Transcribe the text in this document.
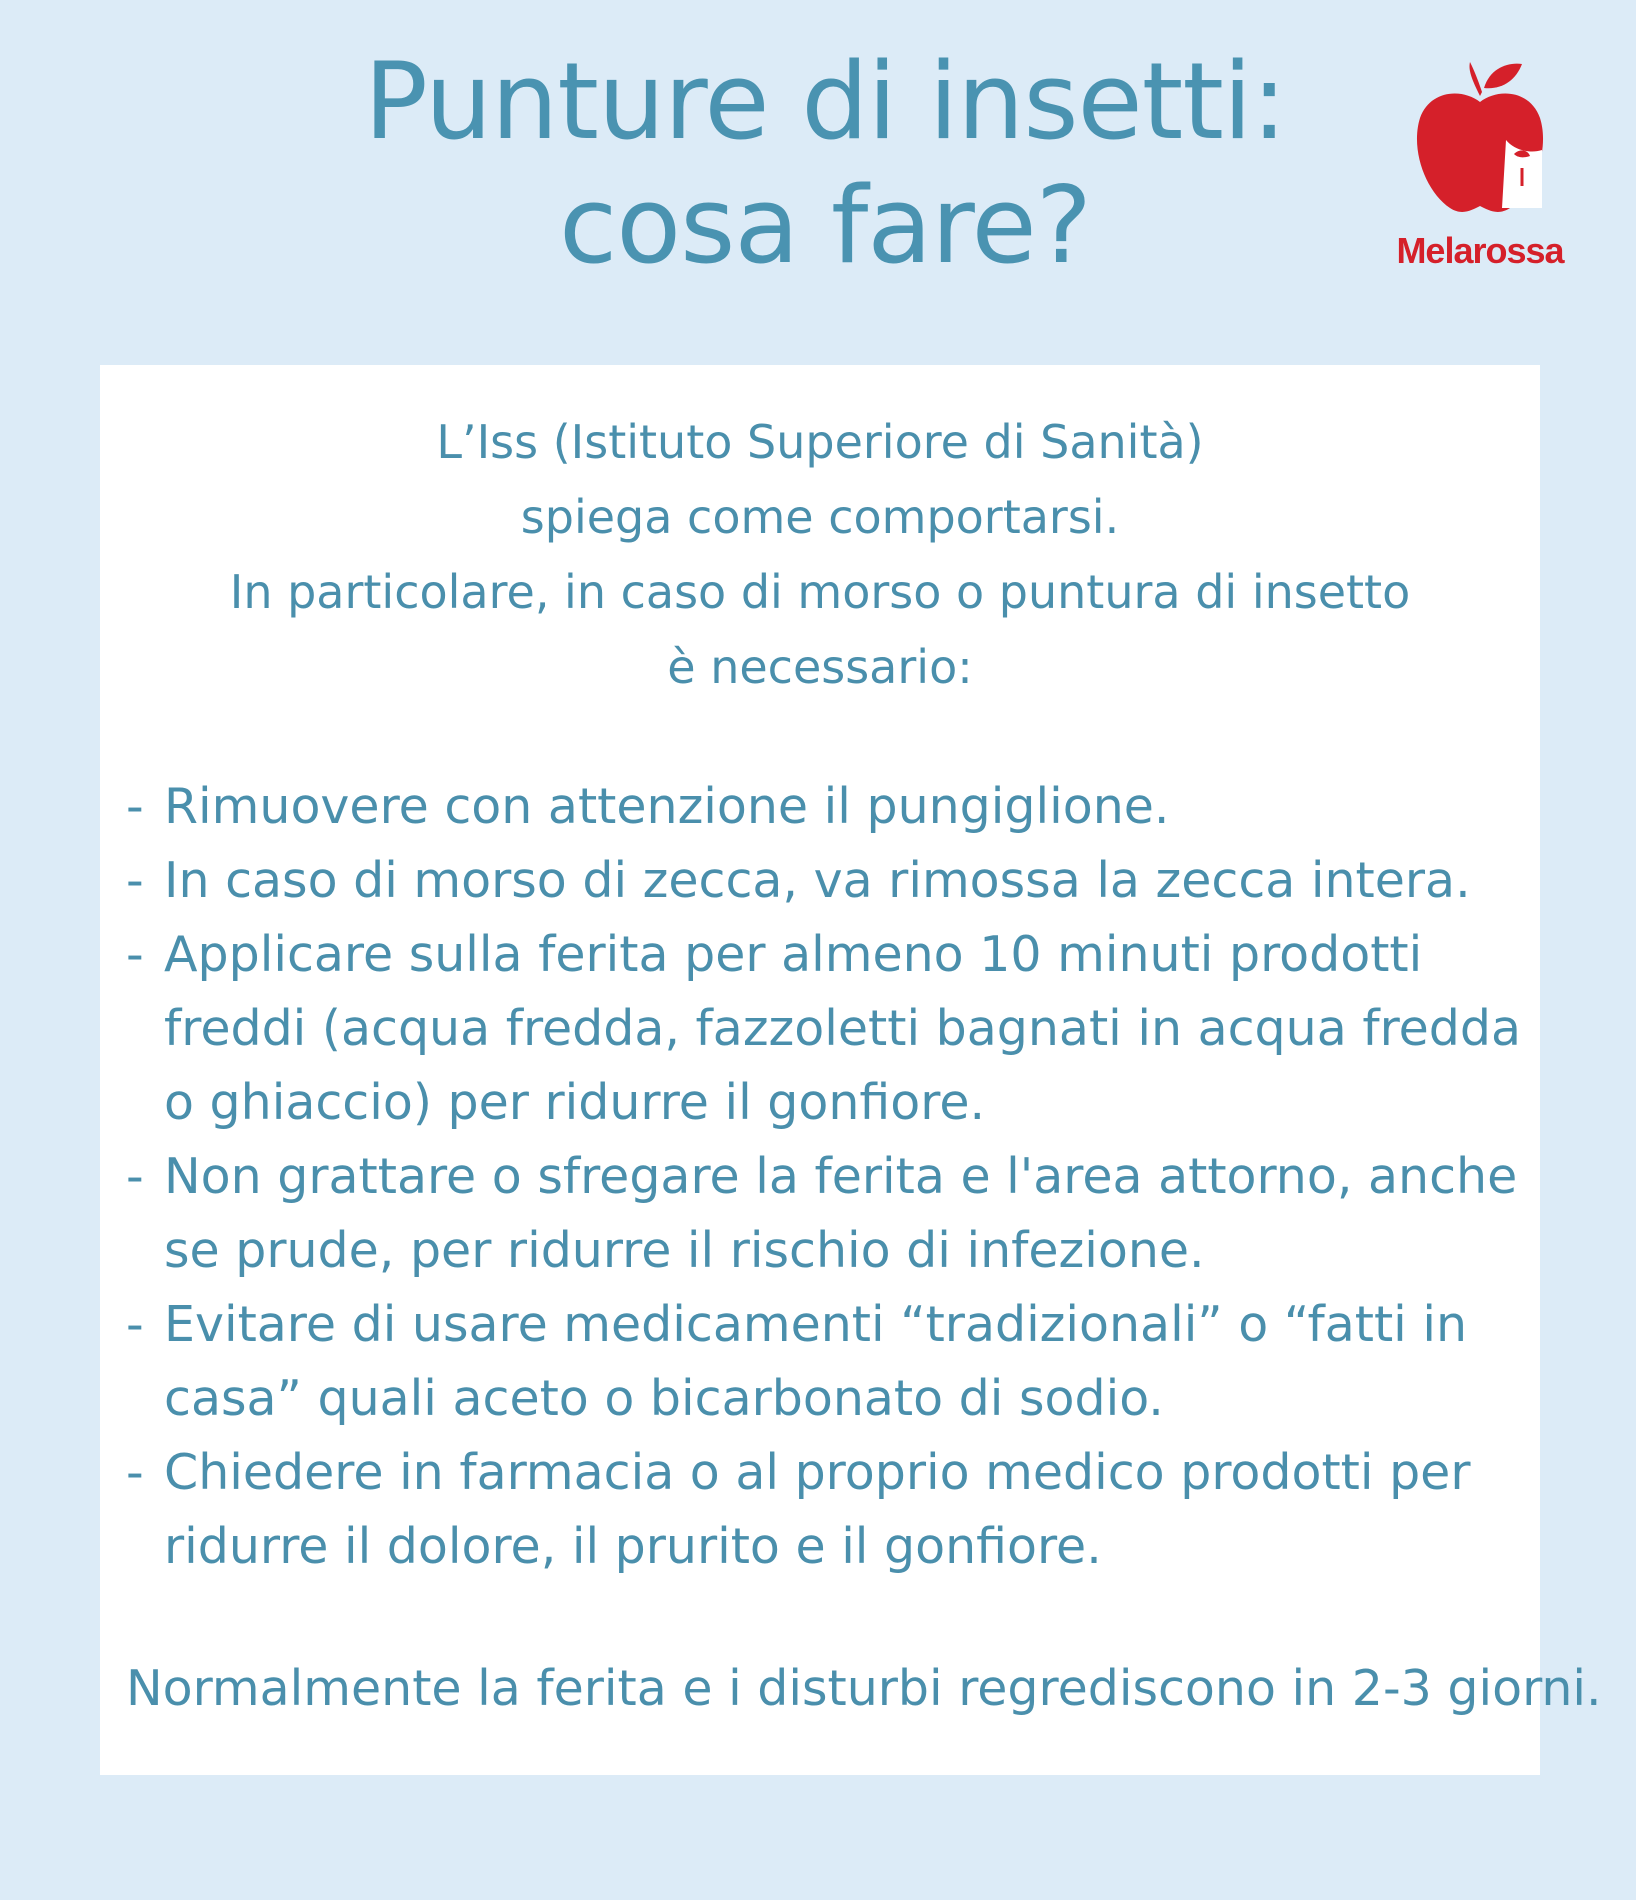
Punture di insetti:
cosa fare?	Melarossa
L’Iss (Istituto Superiore di Sanità)
spiega come comportarsi.
In particolare, in caso di morso o puntura di insetto
è necessario:
- Rimuovere con attenzione il pungiglione.
- In caso di morso di zecca, va rimossa la zecca intera.
- Applicare sulla ferita per almeno 10 minuti prodotti
freddi (acqua fredda, fazzoletti bagnati in acqua fredda
o ghiaccio) per ridurre il gonfiore.
- Non grattare o sfregare la ferita e l'area attorno, anche
se prude, per ridurre il rischio di infezione.
- Evitare di usare medicamenti “tradizionali” o “fatti in
casa” quali aceto o bicarbonato di sodio.
- Chiedere in farmacia o al proprio medico prodotti per
ridurre il dolore, il prurito e il gonfiore.
Normalmente la ferita e i disturbi regrediscono in 2-3 giorni.
